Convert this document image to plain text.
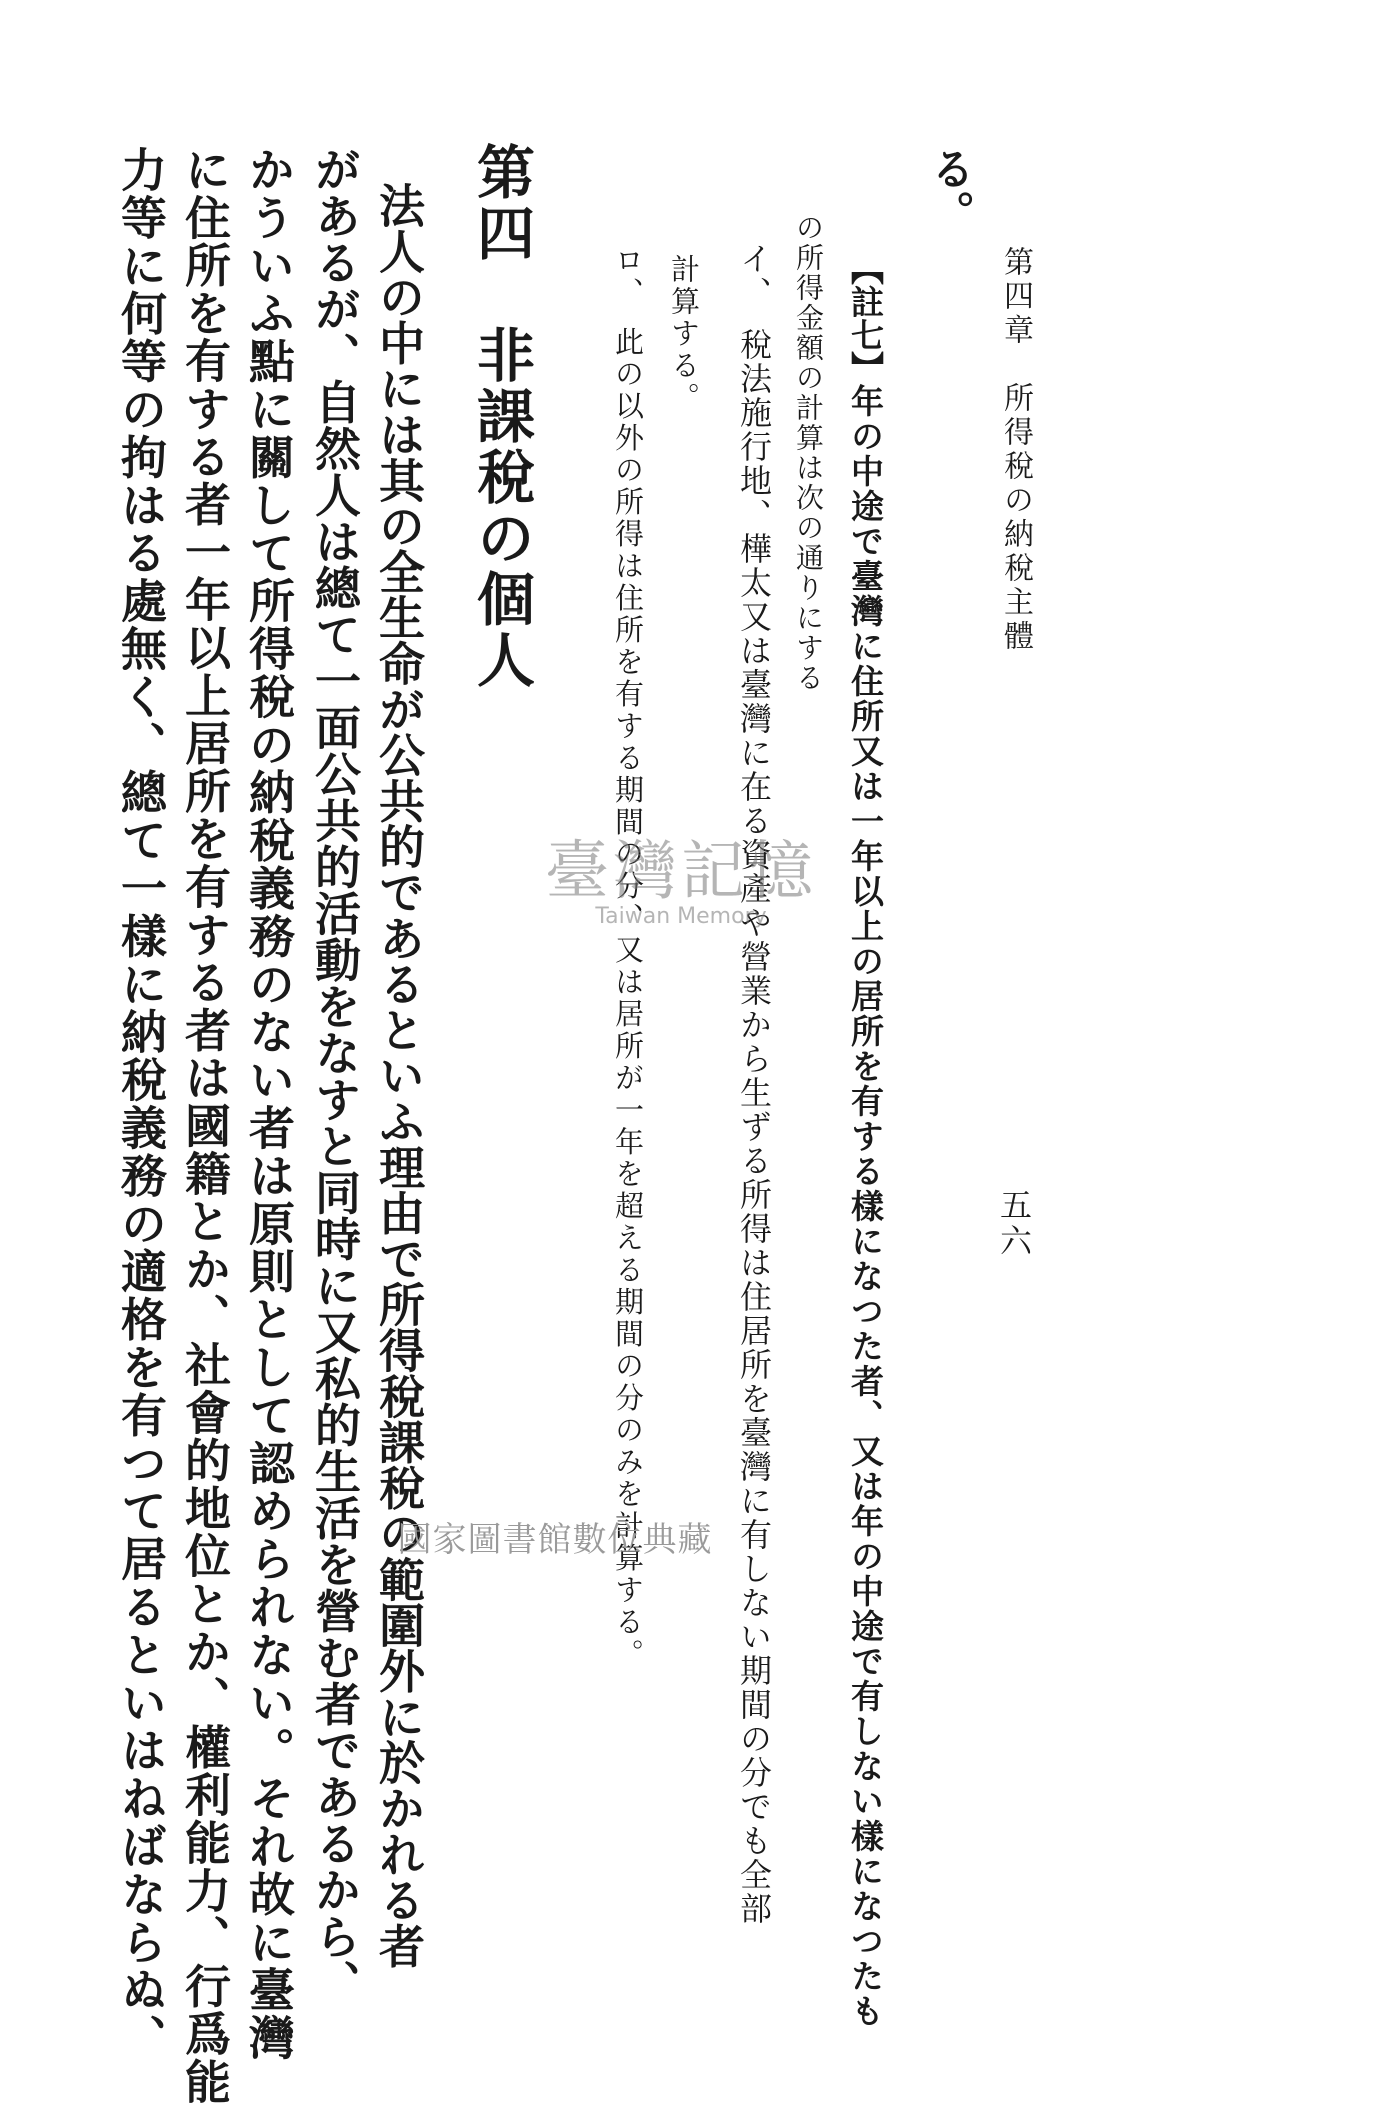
第四章　所得稅の納稅主體
五六
る。
【註七】年の中途で臺灣に住所又は一年以上の居所を有する樣になつた者、又は年の中途で有しない樣になつたも
の所得金額の計算は次の通りにする
イ、　稅法施行地、樺太又は臺灣に在る資產や營業から生ずる所得は住居所を臺灣に有しない期間の分でも全部
計算する。
ロ、　此の以外の所得は住所を有する期間の分、又は居所が一年を超える期間の分のみを計算する。
第四　非課稅の個人
法人の中には其の全生命が公共的であるといふ理由で所得稅課稅の範圍外に於かれる者
があるが、自然人は總て一面公共的活動をなすと同時に又私的生活を營む者であるから、
かういふ點に關して所得稅の納稅義務のない者は原則として認められない。それ故に臺灣
に住所を有する者一年以上居所を有する者は國籍とか、社會的地位とか、權利能力、行爲能
力等に何等の拘はる處無く、總て一樣に納稅義務の適格を有つて居るといはねばならぬ、	臺灣記憶
Taiwan Memory
國家圖書館數位典藏
